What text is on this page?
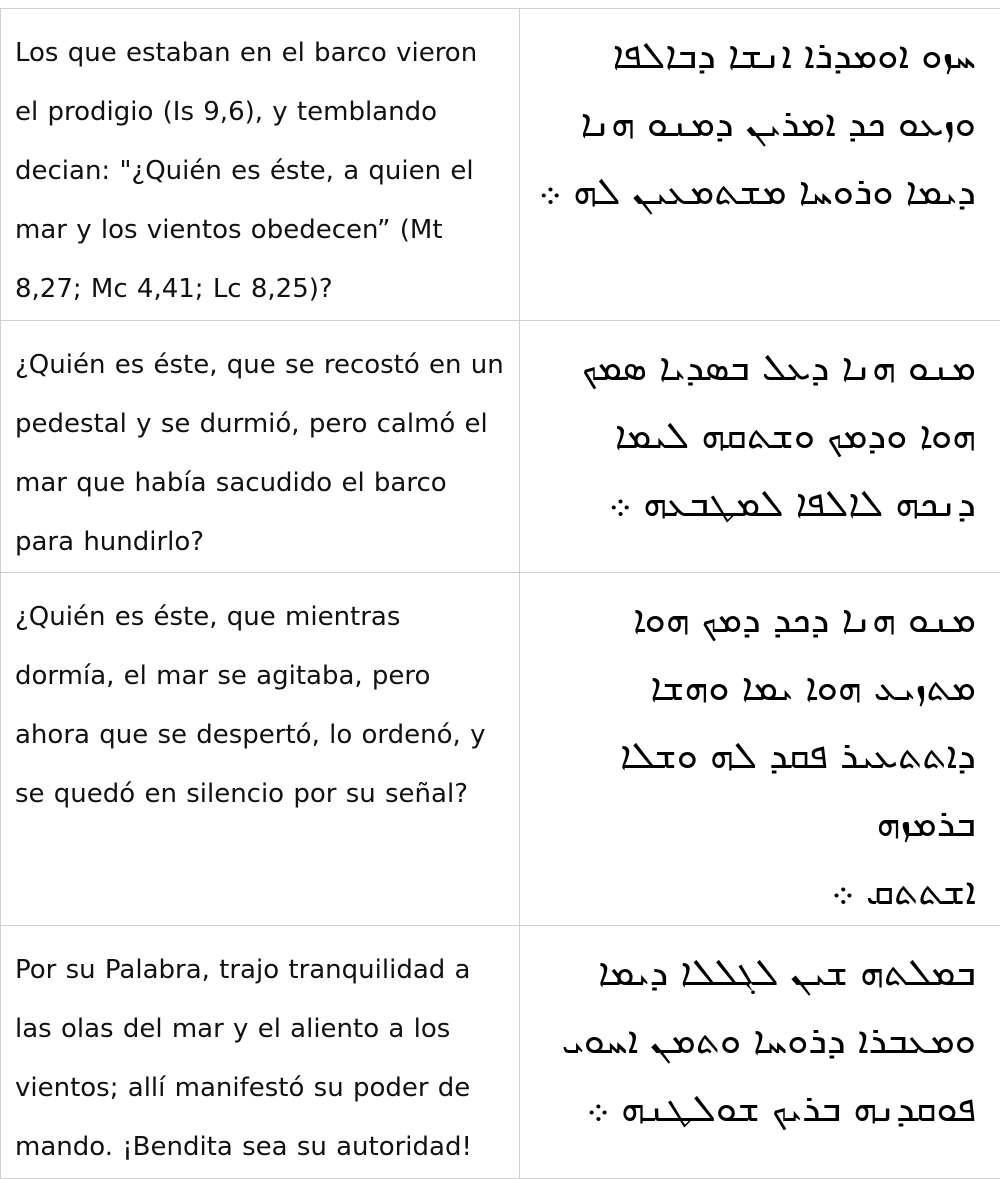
Los que estaban en el barco vieron el prodigio (Is 9,6), y temblando decian: "¿Quién es éste, a quien el mar y los vientos obedecen” (Mt 8,27; Mc 4,41; Lc 8,25)?	ܚܙܘ ܐܘܡܕܪܐ ܐܢܫܐ ܕܒܐܠܦܐ
ܘܙܥܘ ܟܕ ܐܡܪܝܢ ܕܡܢܘ ܗܢܐ
ܕܝܡܐ ܘܪܘܚܐ ܡܫܬܡܥܝܢ ܠܗ ܀

¿Quién es éste, que se recostó en un pedestal y se durmió, pero calmó el mar que había sacudido el barco para hundirlo?	ܡܢܘ ܗܢܐ ܕܥܠ ܒܣܕܝܐ ܣܡܟ
ܗܘܐ ܘܕܡܟ ܘܫܬܩܗ ܠܝܡܐ
ܕܢܟܗ ܠܐܠܦܐ ܠܡܛܒܥܗ ܀

¿Quién es éste, que mientras dormía, el mar se agitaba, pero ahora que se despertó, lo ordenó, y se quedó en silencio por su señal?	ܡܢܘ ܗܢܐ ܕܟܕ ܕܡܟ ܗܘܐ
ܡܬܙܝܥ ܗܘܐ ܝܡܐ ܘܗܫܐ
ܕܐܬܬܥܝܪ ܦܩܕ ܠܗ ܘܫܠܐ ܒܪܡܙܗ
ܐܫܬܬܩ ܀

Por su Palabra, trajo tranquilidad a las olas del mar y el aliento a los vientos; allí manifestó su poder de mando. ¡Bendita sea su autoridad!	ܒܡܠܬܗ ܫܝܢ ܠܓܠܠܐ ܕܝܡܐ
ܘܡܥܒܪܐ ܕܪܘܚܐ ܘܬܡܢ ܐܚܘܝ
ܦܘܩܕܢܗ ܒܪܝܟ ܫܘܠܛܢܗ ܀
